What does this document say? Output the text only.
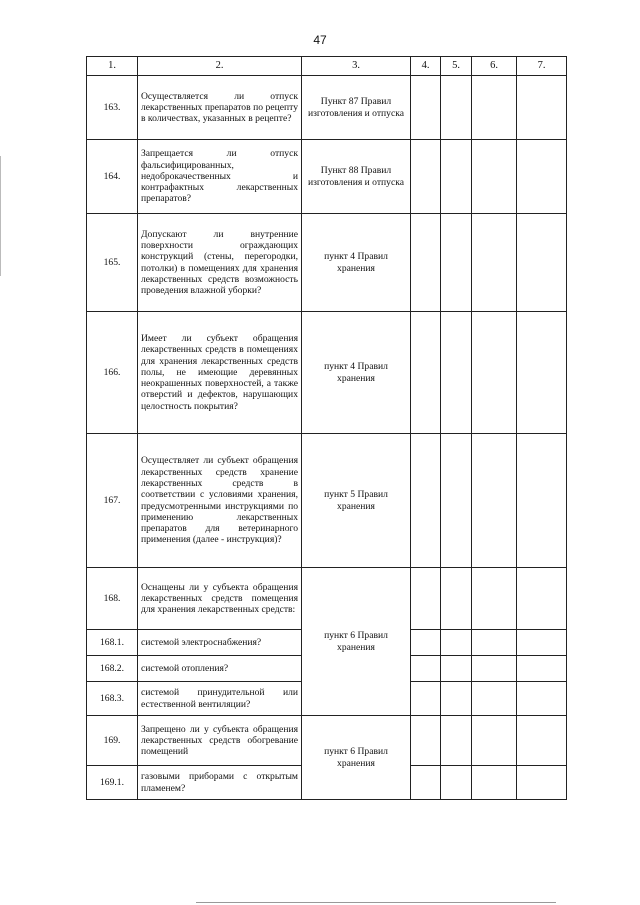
47
1.	2.	3.	4.	5.	6.	7.
163.	Осуществляется ли отпуск лекарственных препаратов по рецепту в количествах, указанных в рецепте?	Пункт 87 Правил изготовления и отпуска				
164.	Запрещается ли отпуск фальсифицированных, недоброкачественных и контрафактных лекарственных препаратов?	Пункт 88 Правил изготовления и отпуска				
165.	Допускают ли внутренние поверхности ограждающих конструкций (стены, перегородки, потолки) в помещениях для хранения лекарственных средств возможность проведения влажной уборки?	пункт 4 Правил хранения				
166.	Имеет ли субъект обращения лекарственных средств в помещениях для хранения лекарственных средств полы, не имеющие деревянных неокрашенных поверхностей, а также отверстий и дефектов, нарушающих целостность покрытия?	пункт 4 Правил хранения				
167.	Осуществляет ли субъект обращения лекарственных средств хранение лекарственных средств в соответствии с условиями хранения, предусмотренными инструкциями по применению лекарственных препаратов для ветеринарного применения (далее - инструкция)?	пункт 5 Правил хранения				
168.	Оснащены ли у субъекта обращения лекарственных средств помещения для хранения лекарственных средств:	пункт 6 Правил хранения				
168.1.	системой электроснабжения?					
168.2.	системой отопления?					
168.3.	системой принудительной или естественной вентиляции?					
169.	Запрещено ли у субъекта обращения лекарственных средств обогревание помещений	пункт 6 Правил хранения				
169.1.	газовыми приборами с открытым пламенем?					
